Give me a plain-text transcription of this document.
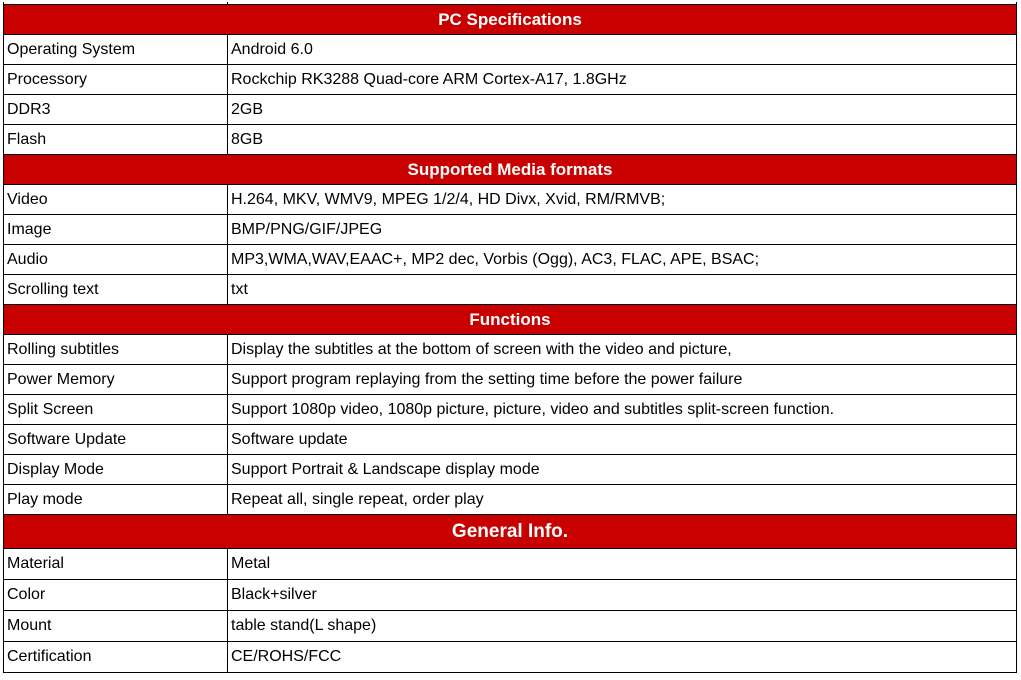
PC Specifications	
Operating System	Android 6.0
Processory	Rockchip RK3288 Quad-core ARM Cortex-A17, 1.8GHz
DDR3	2GB
Flash	8GB
Supported Media formats	
Video	H.264, MKV, WMV9, MPEG 1/2/4, HD Divx, Xvid, RM/RMVB;
Image	BMP/PNG/GIF/JPEG
Audio	MP3,WMA,WAV,EAAC+, MP2 dec, Vorbis (Ogg), AC3, FLAC, APE, BSAC;
Scrolling text	txt
Functions	
Rolling subtitles	Display the subtitles at the bottom of screen with the video and picture,
Power Memory	Support program replaying from the setting time before the power failure
Split Screen	Support 1080p video, 1080p picture, picture, video and subtitles split-screen function.
Software Update	Software update
Display Mode	Support Portrait & Landscape display mode
Play mode	Repeat all, single repeat, order play
General Info.	
Material	Metal
Color	Black+silver
Mount	table stand(L shape)
Certification	CE/ROHS/FCC
